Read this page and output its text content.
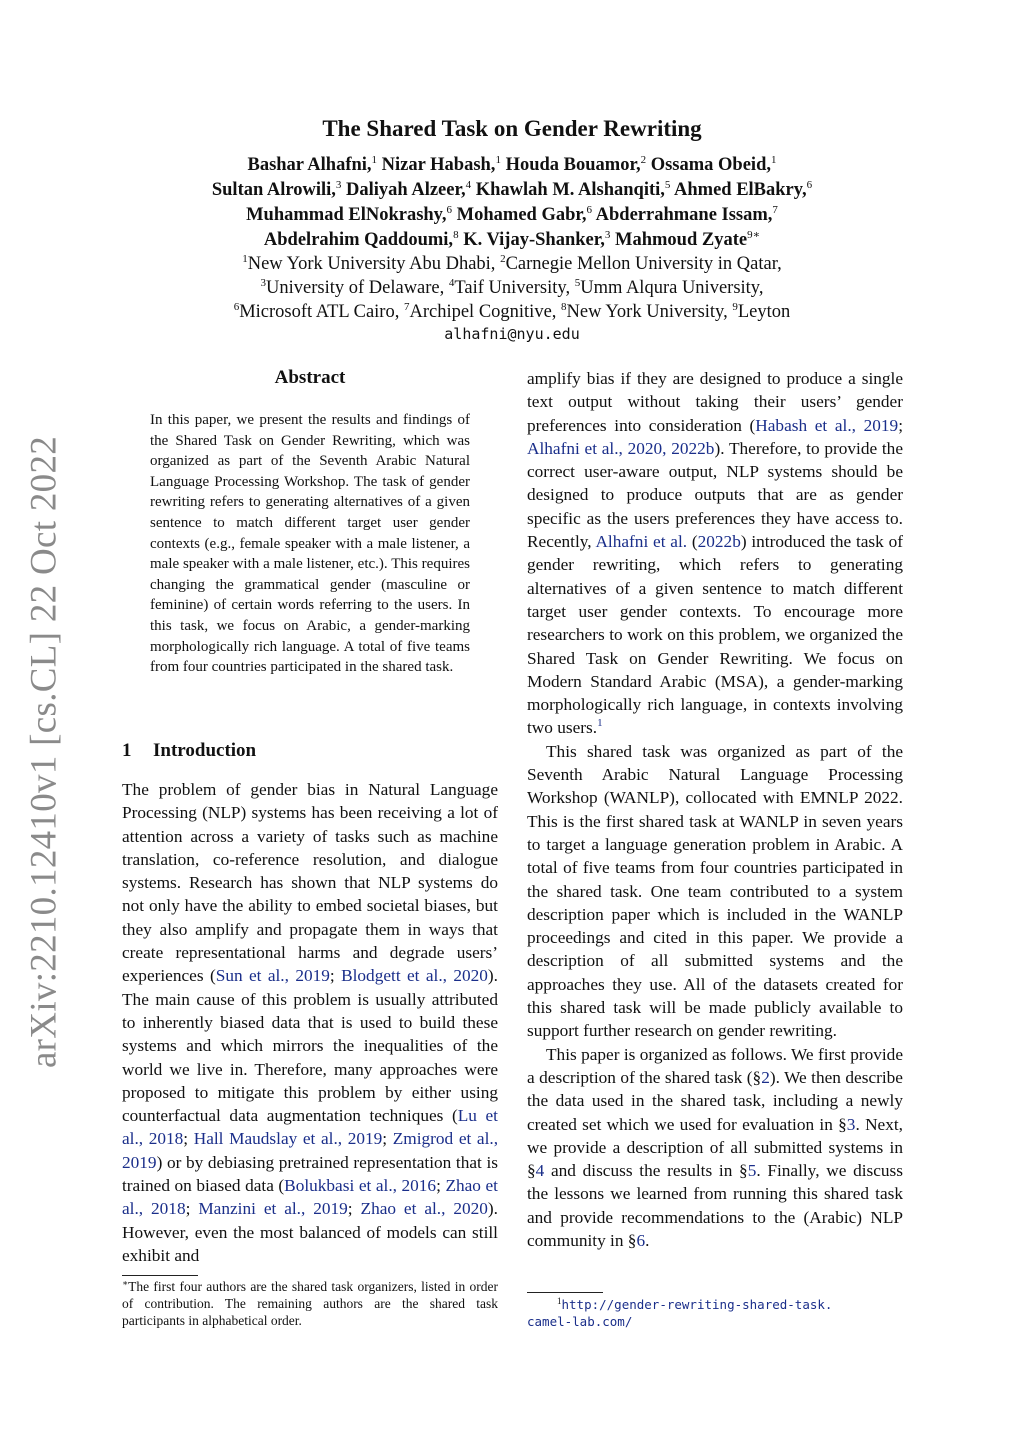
arXiv:2210.12410v1 [cs.CL] 22 Oct 2022
The Shared Task on Gender Rewriting
Bashar Alhafni,$^1$ Nizar Habash,$^1$ Houda Bouamor,$^2$ Ossama Obeid,$^1$
Sultan Alrowili,$^3$ Daliyah Alzeer,$^4$ Khawlah M. Alshanqiti,$^5$ Ahmed ElBakry,$^6$
Muhammad ElNokrashy,$^6$ Mohamed Gabr,$^6$ Abderrahmane Issam,$^7$
Abdelrahim Qaddoumi,$^8$ K. Vijay-Shanker,$^3$ Mahmoud Zyate$^{9∗}$
$^1$New York University Abu Dhabi, $^2$Carnegie Mellon University in Qatar,
$^3$University of Delaware, $^4$Taif University, $^5$Umm Alqura University,
$^6$Microsoft ATL Cairo, $^7$Archipel Cognitive, $^8$New York University, $^9$Leyton
alhafni@nyu.edu
Abstract
In this paper, we present the results and findings of the Shared Task on Gender Rewriting, which was organized as part of the Seventh Arabic Natural Language Processing Workshop. The task of gender rewriting refers to generating alternatives of a given sentence to match different target user gender contexts (e.g., female speaker with a male listener, a male speaker with a male listener, etc.). This requires changing the grammatical gender (masculine or feminine) of certain words referring to the users. In this task, we focus on Arabic, a gender-marking morphologically rich language. A total of five teams from four countries participated in the shared task.
1 Introduction

The problem of gender bias in Natural Language Processing (NLP) systems has been receiving a lot of attention across a variety of tasks such as machine translation, co-reference resolution, and dialogue systems. Research has shown that NLP systems do not only have the ability to embed societal biases, but they also amplify and propagate them in ways that create representational harms and degrade users’ experiences (Sun et al., 2019; Blodgett et al., 2020). The main cause of this problem is usually attributed to inherently biased data that is used to build these systems and which mirrors the inequalities of the world we live in. Therefore, many approaches were proposed to mitigate this problem by either using counterfactual data augmentation techniques (Lu et al., 2018; Hall Maudslay et al., 2019; Zmigrod et al., 2019) or by debiasing pretrained representation that is trained on biased data (Bolukbasi et al., 2016; Zhao et al., 2018; Manzini et al., 2019; Zhao et al., 2020). However, even the most balanced of models can still exhibit and

amplify bias if they are designed to produce a single text output without taking their users’ gender preferences into consideration (Habash et al., 2019; Alhafni et al., 2020, 2022b). Therefore, to provide the correct user-aware output, NLP systems should be designed to produce outputs that are as gender specific as the users preferences they have access to. Recently, Alhafni et al. (2022b) introduced the task of gender rewriting, which refers to generating alternatives of a given sentence to match different target user gender contexts. To encourage more researchers to work on this problem, we organized the Shared Task on Gender Rewriting. We focus on Modern Standard Arabic (MSA), a gender-marking morphologically rich language, in contexts involving two users.$^1$

This shared task was organized as part of the Seventh Arabic Natural Language Processing Workshop (WANLP), collocated with EMNLP 2022. This is the first shared task at WANLP in seven years to target a language generation problem in Arabic. A total of five teams from four countries participated in the shared task. One team contributed to a system description paper which is included in the WANLP proceedings and cited in this paper. We provide a description of all submitted systems and the approaches they use. All of the datasets created for this shared task will be made publicly available to support further research on gender rewriting.

This paper is organized as follows. We first provide a description of the shared task (§2). We then describe the data used in the shared task, including a newly created set which we used for evaluation in §3. Next, we provide a description of all submitted systems in §4 and discuss the results in §5. Finally, we discuss the lessons we learned from running this shared task and provide recommendations to the (Arabic) NLP community in §6.

∗The first four authors are the shared task organizers, listed in order of contribution. The remaining authors are the shared task participants in alphabetical order.
$^1$http://gender-rewriting-shared-task.
camel-lab.com/
